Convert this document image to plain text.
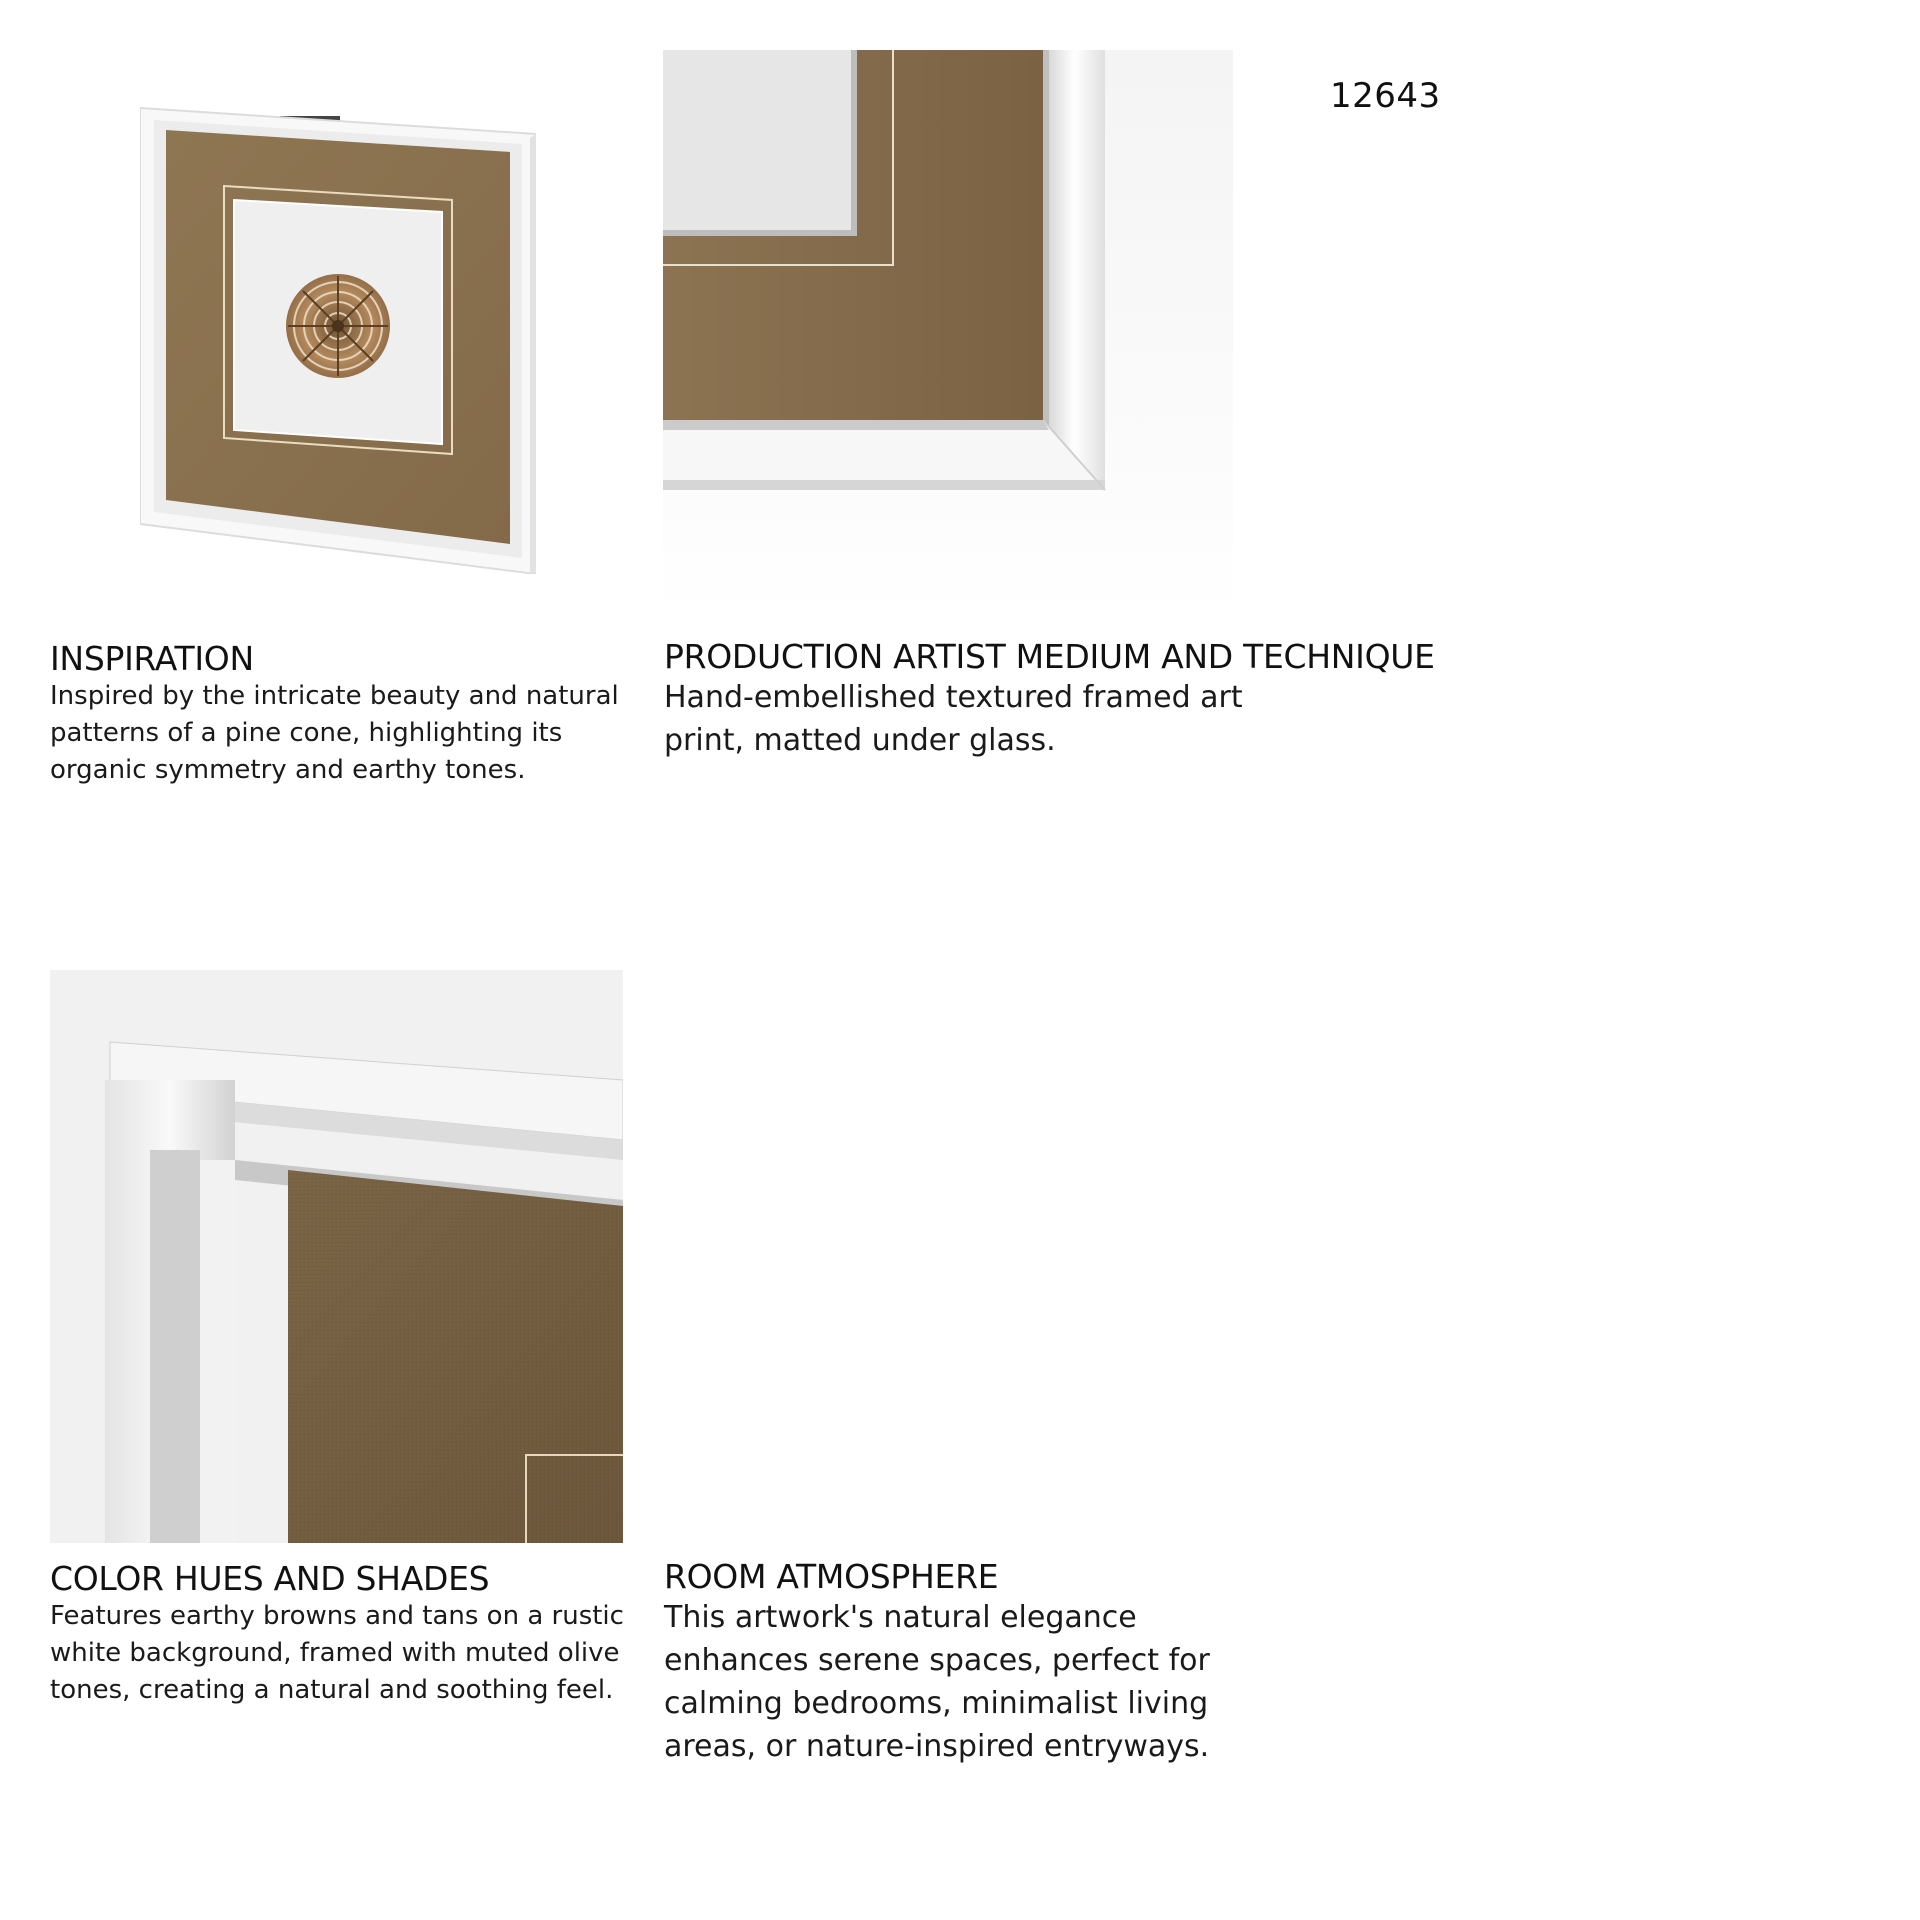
12643
INSPIRATION
Inspired by the intricate beauty and natural
patterns of a pine cone, highlighting its
organic symmetry and earthy tones.
PRODUCTION ARTIST MEDIUM AND TECHNIQUE
Hand-embellished textured framed art
print, matted under glass.
COLOR HUES AND SHADES
Features earthy browns and tans on a rustic
white background, framed with muted olive
tones, creating a natural and soothing feel.
ROOM ATMOSPHERE
This artwork's natural elegance
enhances serene spaces, perfect for
calming bedrooms, minimalist living
areas, or nature-inspired entryways.
